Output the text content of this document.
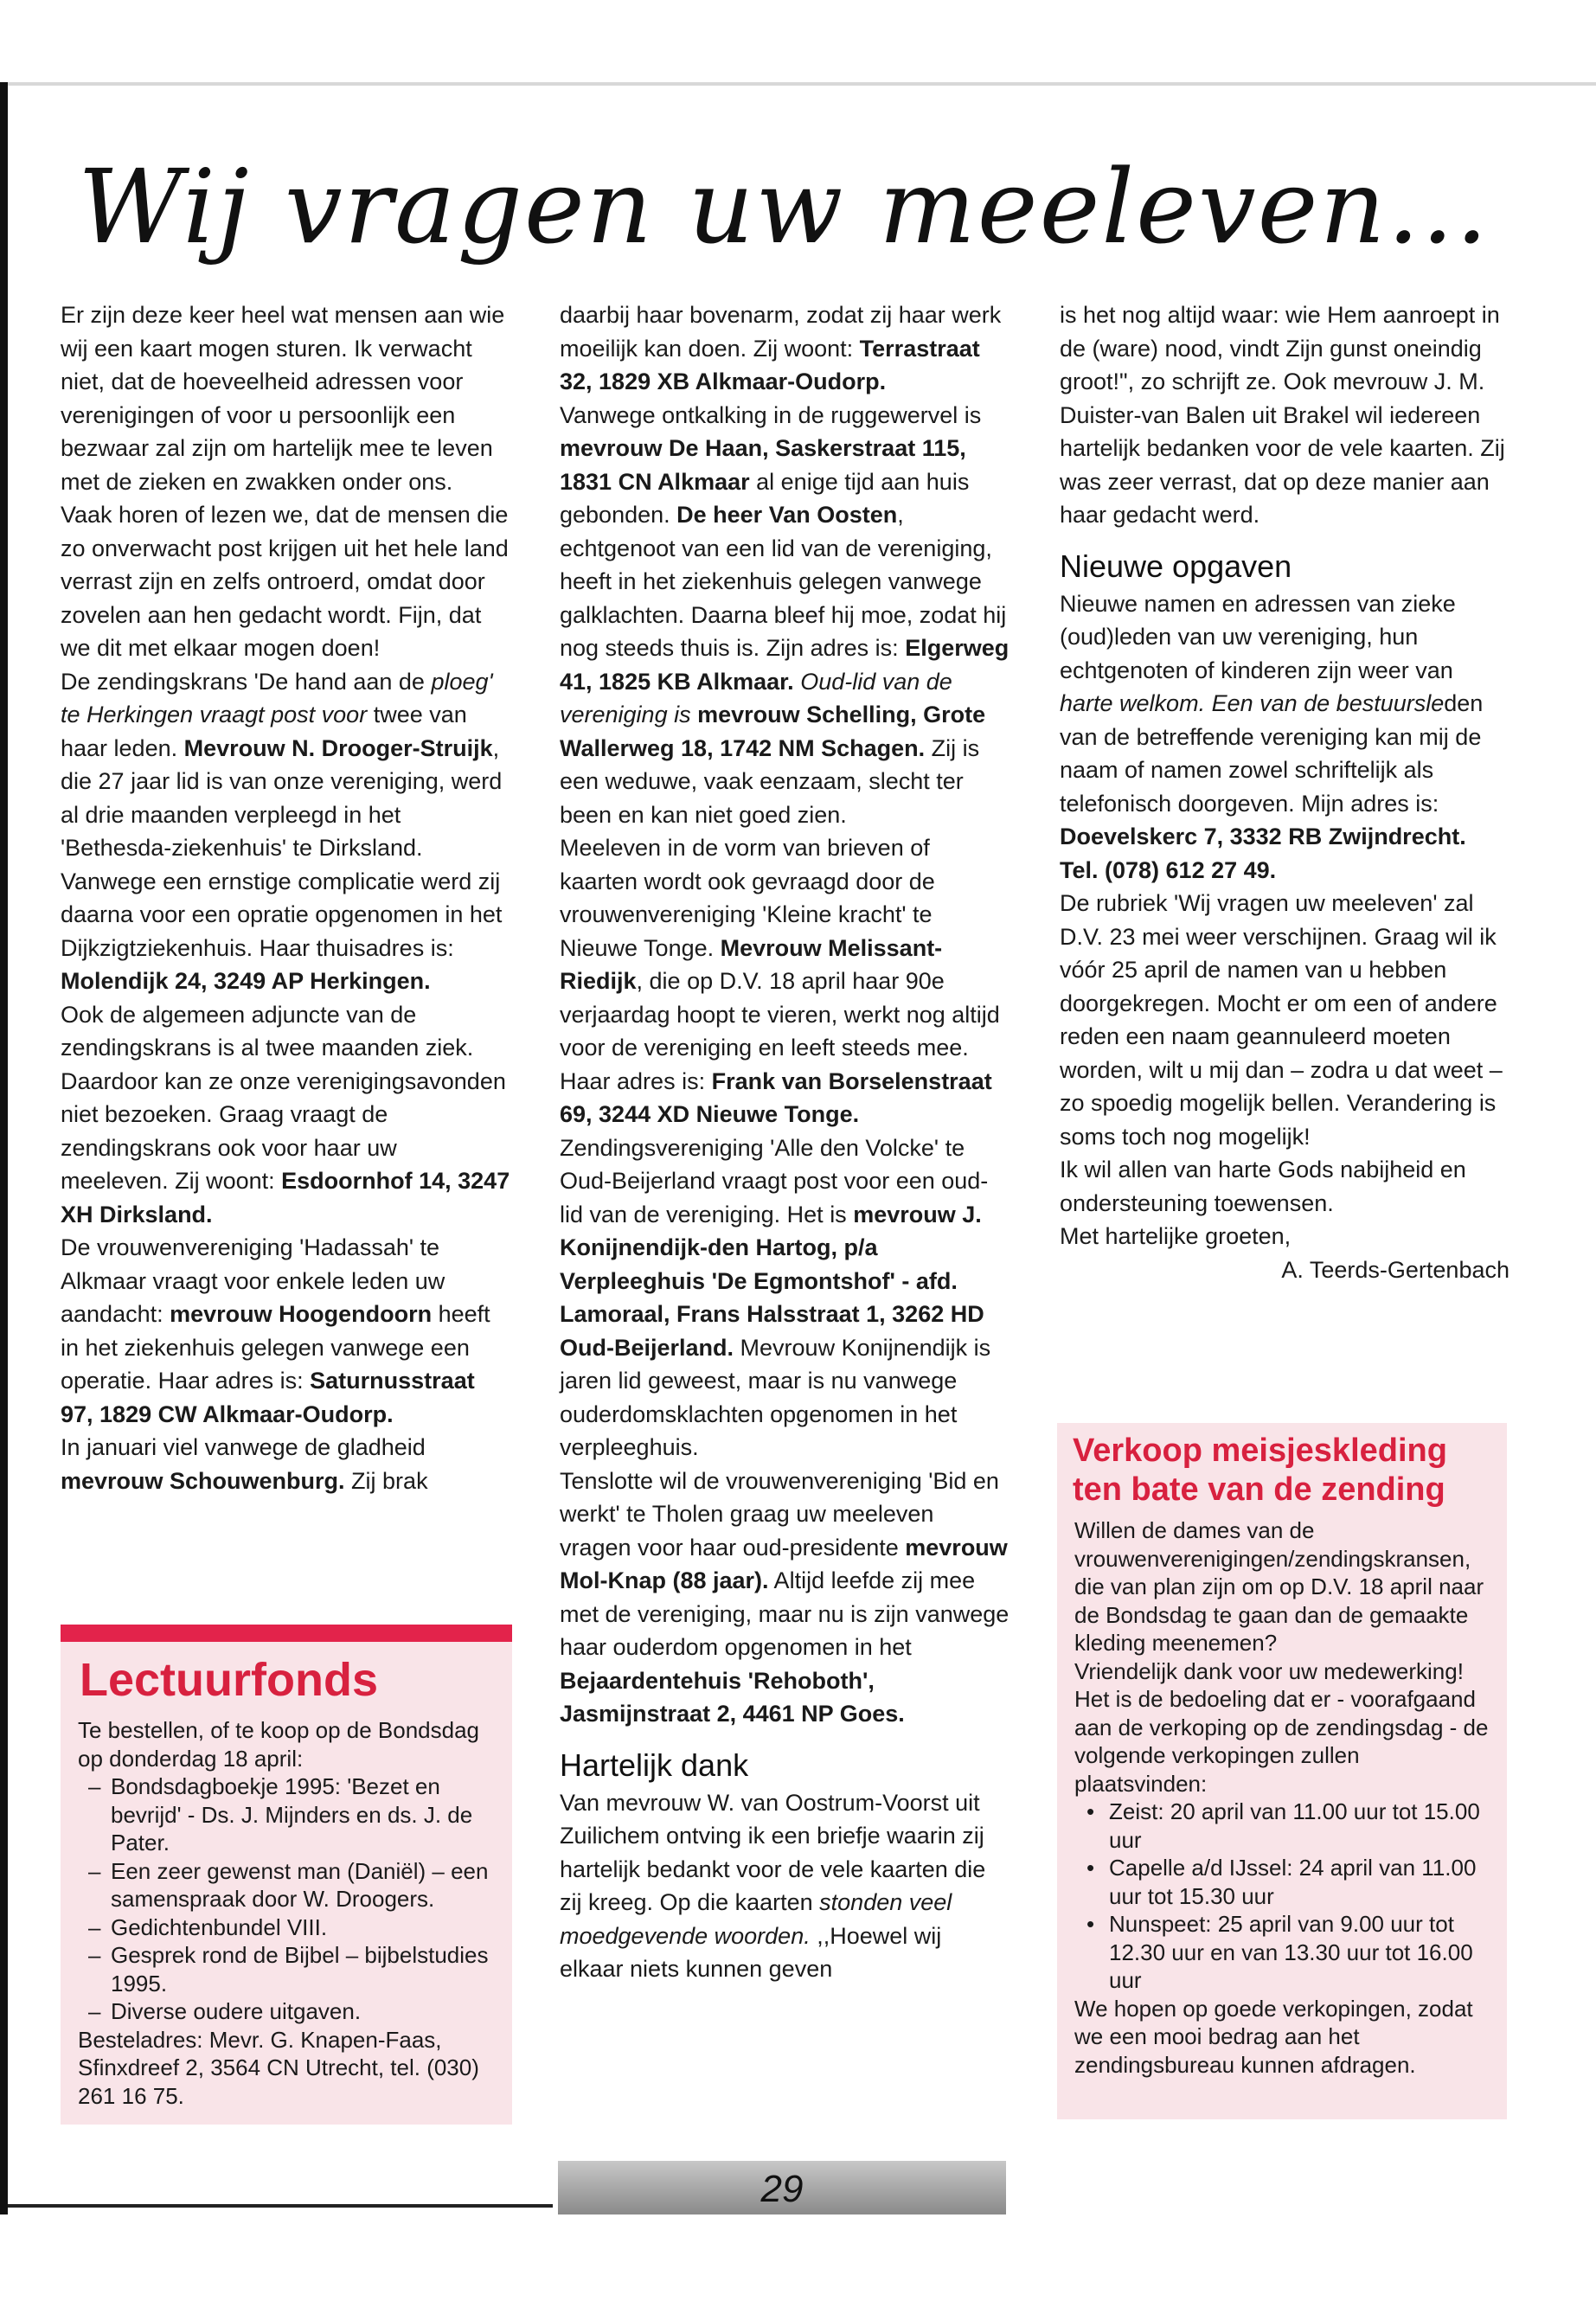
Wij vragen uw meeleven...

Er zijn deze keer heel wat mensen aan wie wij een kaart mogen sturen. Ik verwacht niet, dat de hoeveelheid adressen voor verenigingen of voor u persoonlijk een bezwaar zal zijn om hartelijk mee te leven met de zieken en zwakken onder ons. Vaak horen of lezen we, dat de mensen die zo onverwacht post krijgen uit het hele land verrast zijn en zelfs ontroerd, omdat door zovelen aan hen gedacht wordt. Fijn, dat we dit met elkaar mogen doen!

De zendingskrans 'De hand aan de ploeg' te Herkingen vraagt post voor twee van haar leden. Mevrouw N. Drooger-Struijk, die 27 jaar lid is van onze vereniging, werd al drie maanden verpleegd in het 'Bethesda-ziekenhuis' te Dirksland. Vanwege een ernstige complicatie werd zij daarna voor een opratie opgenomen in het Dijkzigtziekenhuis. Haar thuisadres is: Molendijk 24, 3249 AP Herkingen.

Ook de algemeen adjuncte van de zendingskrans is al twee maanden ziek. Daardoor kan ze onze verenigingsavonden niet bezoeken. Graag vraagt de zendingskrans ook voor haar uw meeleven. Zij woont: Esdoornhof 14, 3247 XH Dirksland.

De vrouwenvereniging 'Hadassah' te Alkmaar vraagt voor enkele leden uw aandacht: mevrouw Hoogendoorn heeft in het ziekenhuis gelegen vanwege een operatie. Haar adres is: Saturnusstraat 97, 1829 CW Alkmaar-Oudorp.

In januari viel vanwege de gladheid mevrouw Schouwenburg. Zij brak

daarbij haar bovenarm, zodat zij haar werk moeilijk kan doen. Zij woont: Terrastraat 32, 1829 XB Alkmaar-Oudorp.

Vanwege ontkalking in de ruggewervel is mevrouw De Haan, Saskerstraat 115, 1831 CN Alkmaar al enige tijd aan huis gebonden. De heer Van Oosten, echtgenoot van een lid van de vereniging, heeft in het ziekenhuis gelegen vanwege galklachten. Daarna bleef hij moe, zodat hij nog steeds thuis is. Zijn adres is: Elgerweg 41, 1825 KB Alkmaar. Oud-lid van de vereniging is mevrouw Schelling, Grote Wallerweg 18, 1742 NM Schagen. Zij is een weduwe, vaak eenzaam, slecht ter been en kan niet goed zien.

Meeleven in de vorm van brieven of kaarten wordt ook gevraagd door de vrouwenvereniging 'Kleine kracht' te Nieuwe Tonge. Mevrouw Melissant-Riedijk, die op D.V. 18 april haar 90e verjaardag hoopt te vieren, werkt nog altijd voor de vereniging en leeft steeds mee. Haar adres is: Frank van Borselenstraat 69, 3244 XD Nieuwe Tonge.

Zendingsvereniging 'Alle den Volcke' te Oud-Beijerland vraagt post voor een oud-lid van de vereniging. Het is mevrouw J. Konijnendijk-den Hartog, p/a Verpleeghuis 'De Egmontshof' - afd. Lamoraal, Frans Halsstraat 1, 3262 HD Oud-Beijerland. Mevrouw Konijnendijk is jaren lid geweest, maar is nu vanwege ouderdomsklachten opgenomen in het verpleeghuis.

Tenslotte wil de vrouwenvereniging 'Bid en werkt' te Tholen graag uw meeleven vragen voor haar oud-presidente mevrouw Mol-Knap (88 jaar). Altijd leefde zij mee met de vereniging, maar nu is zijn vanwege haar ouderdom opgenomen in het Bejaardentehuis 'Rehoboth', Jasmijnstraat 2, 4461 NP Goes.

Hartelijk dank

Van mevrouw W. van Oostrum-Voorst uit Zuilichem ontving ik een briefje waarin zij hartelijk bedankt voor de vele kaarten die zij kreeg. Op die kaarten stonden veel moedgevende woorden. ,,Hoewel wij elkaar niets kunnen geven

is het nog altijd waar: wie Hem aanroept in de (ware) nood, vindt Zijn gunst oneindig groot!", zo schrijft ze. Ook mevrouw J. M. Duister-van Balen uit Brakel wil iedereen hartelijk bedanken voor de vele kaarten. Zij was zeer verrast, dat op deze manier aan haar gedacht werd.

Nieuwe opgaven

Nieuwe namen en adressen van zieke (oud)leden van uw vereniging, hun echtgenoten of kinderen zijn weer van harte welkom. Een van de bestuursleden van de betreffende vereniging kan mij de naam of namen zowel schriftelijk als telefonisch doorgeven. Mijn adres is: Doevelskerc 7, 3332 RB Zwijndrecht. Tel. (078) 612 27 49.

De rubriek 'Wij vragen uw meeleven' zal D.V. 23 mei weer verschijnen. Graag wil ik vóór 25 april de namen van u hebben doorgekregen. Mocht er om een of andere reden een naam geannuleerd moeten worden, wilt u mij dan – zodra u dat weet – zo spoedig mogelijk bellen. Verandering is soms toch nog mogelijk!

Ik wil allen van harte Gods nabijheid en ondersteuning toewensen.

Met hartelijke groeten,

A. Teerds-Gertenbach

Lectuurfonds

Te bestellen, of te koop op de Bondsdag op donderdag 18 april:

– Bondsdagboekje 1995: 'Bezet en bevrijd' - Ds. J. Mijnders en ds. J. de Pater.
– Een zeer gewenst man (Daniël) – een samenspraak door W. Droogers.
– Gedichtenbundel VIII.
– Gesprek rond de Bijbel – bijbelstudies 1995.
– Diverse oudere uitgaven.

Besteladres: Mevr. G. Knapen-Faas, Sfinxdreef 2, 3564 CN Utrecht, tel. (030) 261 16 75.

Verkoop meisjeskleding ten bate van de zending

Willen de dames van de vrouwenverenigingen/zendingskransen, die van plan zijn om op D.V. 18 april naar de Bondsdag te gaan dan de gemaakte kleding meenemen?

Vriendelijk dank voor uw medewerking!

Het is de bedoeling dat er - voorafgaand aan de verkoping op de zendingsdag - de volgende verkopingen zullen plaatsvinden:

• Zeist: 20 april van 11.00 uur tot 15.00 uur
• Capelle a/d IJssel: 24 april van 11.00 uur tot 15.30 uur
• Nunspeet: 25 april van 9.00 uur tot 12.30 uur en van 13.30 uur tot 16.00 uur

We hopen op goede verkopingen, zodat we een mooi bedrag aan het zendingsbureau kunnen afdragen.

29
